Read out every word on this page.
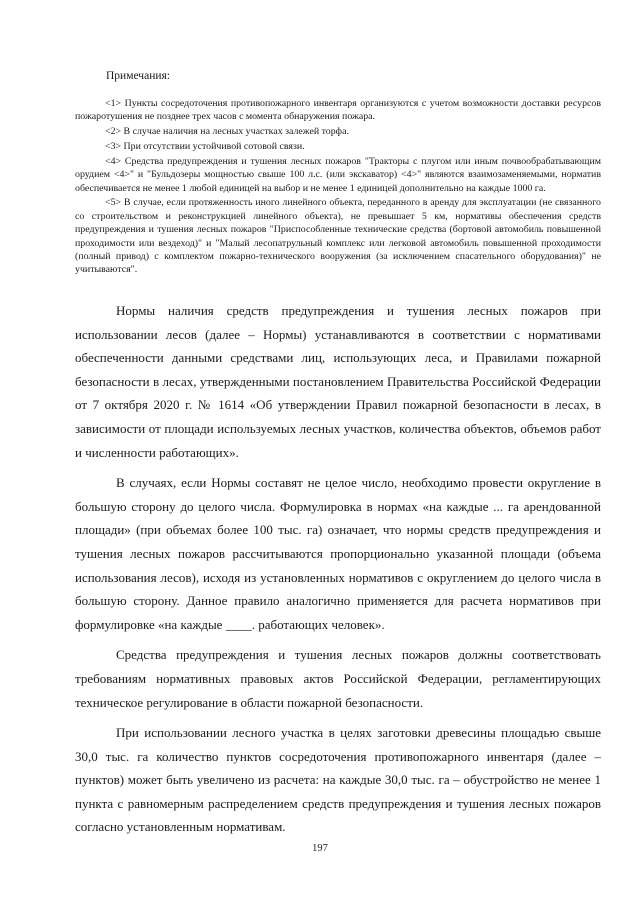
Примечания:

<1> Пункты сосредоточения противопожарного инвентаря организуются с учетом возможности доставки ресурсов пожаротушения не позднее трех часов с момента обнаружения пожара.

<2> В случае наличия на лесных участках залежей торфа.

<3> При отсутствии устойчивой сотовой связи.

<4> Средства предупреждения и тушения лесных пожаров "Тракторы с плугом или иным почвообрабатывающим орудием <4>" и "Бульдозеры мощностью свыше 100 л.с. (или экскаватор) <4>" являются взаимозаменяемыми, норматив обеспечивается не менее 1 любой единицей на выбор и не менее 1 единицей дополнительно на каждые 1000 га.

<5> В случае, если протяженность иного линейного объекта, переданного в аренду для эксплуатации (не связанного со строительством и реконструкцией линейного объекта), не превышает 5 км, нормативы обеспечения средств предупреждения и тушения лесных пожаров "Приспособленные технические средства (бортовой автомобиль повышенной проходимости или вездеход)" и "Малый лесопатрульный комплекс или легковой автомобиль повышенной проходимости (полный привод) с комплектом пожарно-технического вооружения (за исключением спасательного оборудования)" не учитываются".

Нормы наличия средств предупреждения и тушения лесных пожаров при использовании лесов (далее – Нормы) устанавливаются в соответствии с нормативами обеспеченности данными средствами лиц, использующих леса, и Правилами пожарной безопасности в лесах, утвержденными постановлением Правительства Российской Федерации от 7 октября 2020 г. № 1614 «Об утверждении Правил пожарной безопасности в лесах, в зависимости от площади используемых лесных участков, количества объектов, объемов работ и численности работающих».

В случаях, если Нормы составят не целое число, необходимо провести округление в большую сторону до целого числа. Формулировка в нормах «на каждые ... га арендованной площади» (при объемах более 100 тыс. га) означает, что нормы средств предупреждения и тушения лесных пожаров рассчитываются пропорционально указанной площади (объема использования лесов), исходя из установленных нормативов с округлением до целого числа в большую сторону. Данное правило аналогично применяется для расчета нормативов при формулировке «на каждые ____. работающих человек».

Средства предупреждения и тушения лесных пожаров должны соответствовать требованиям нормативных правовых актов Российской Федерации, регламентирующих техническое регулирование в области пожарной безопасности.

При использовании лесного участка в целях заготовки древесины площадью свыше 30,0 тыс. га количество пунктов сосредоточения противопожарного инвентаря (далее – пунктов) может быть увеличено из расчета: на каждые 30,0 тыс. га – обустройство не менее 1 пункта с равномерным распределением средств предупреждения и тушения лесных пожаров согласно установленным нормативам.

197
